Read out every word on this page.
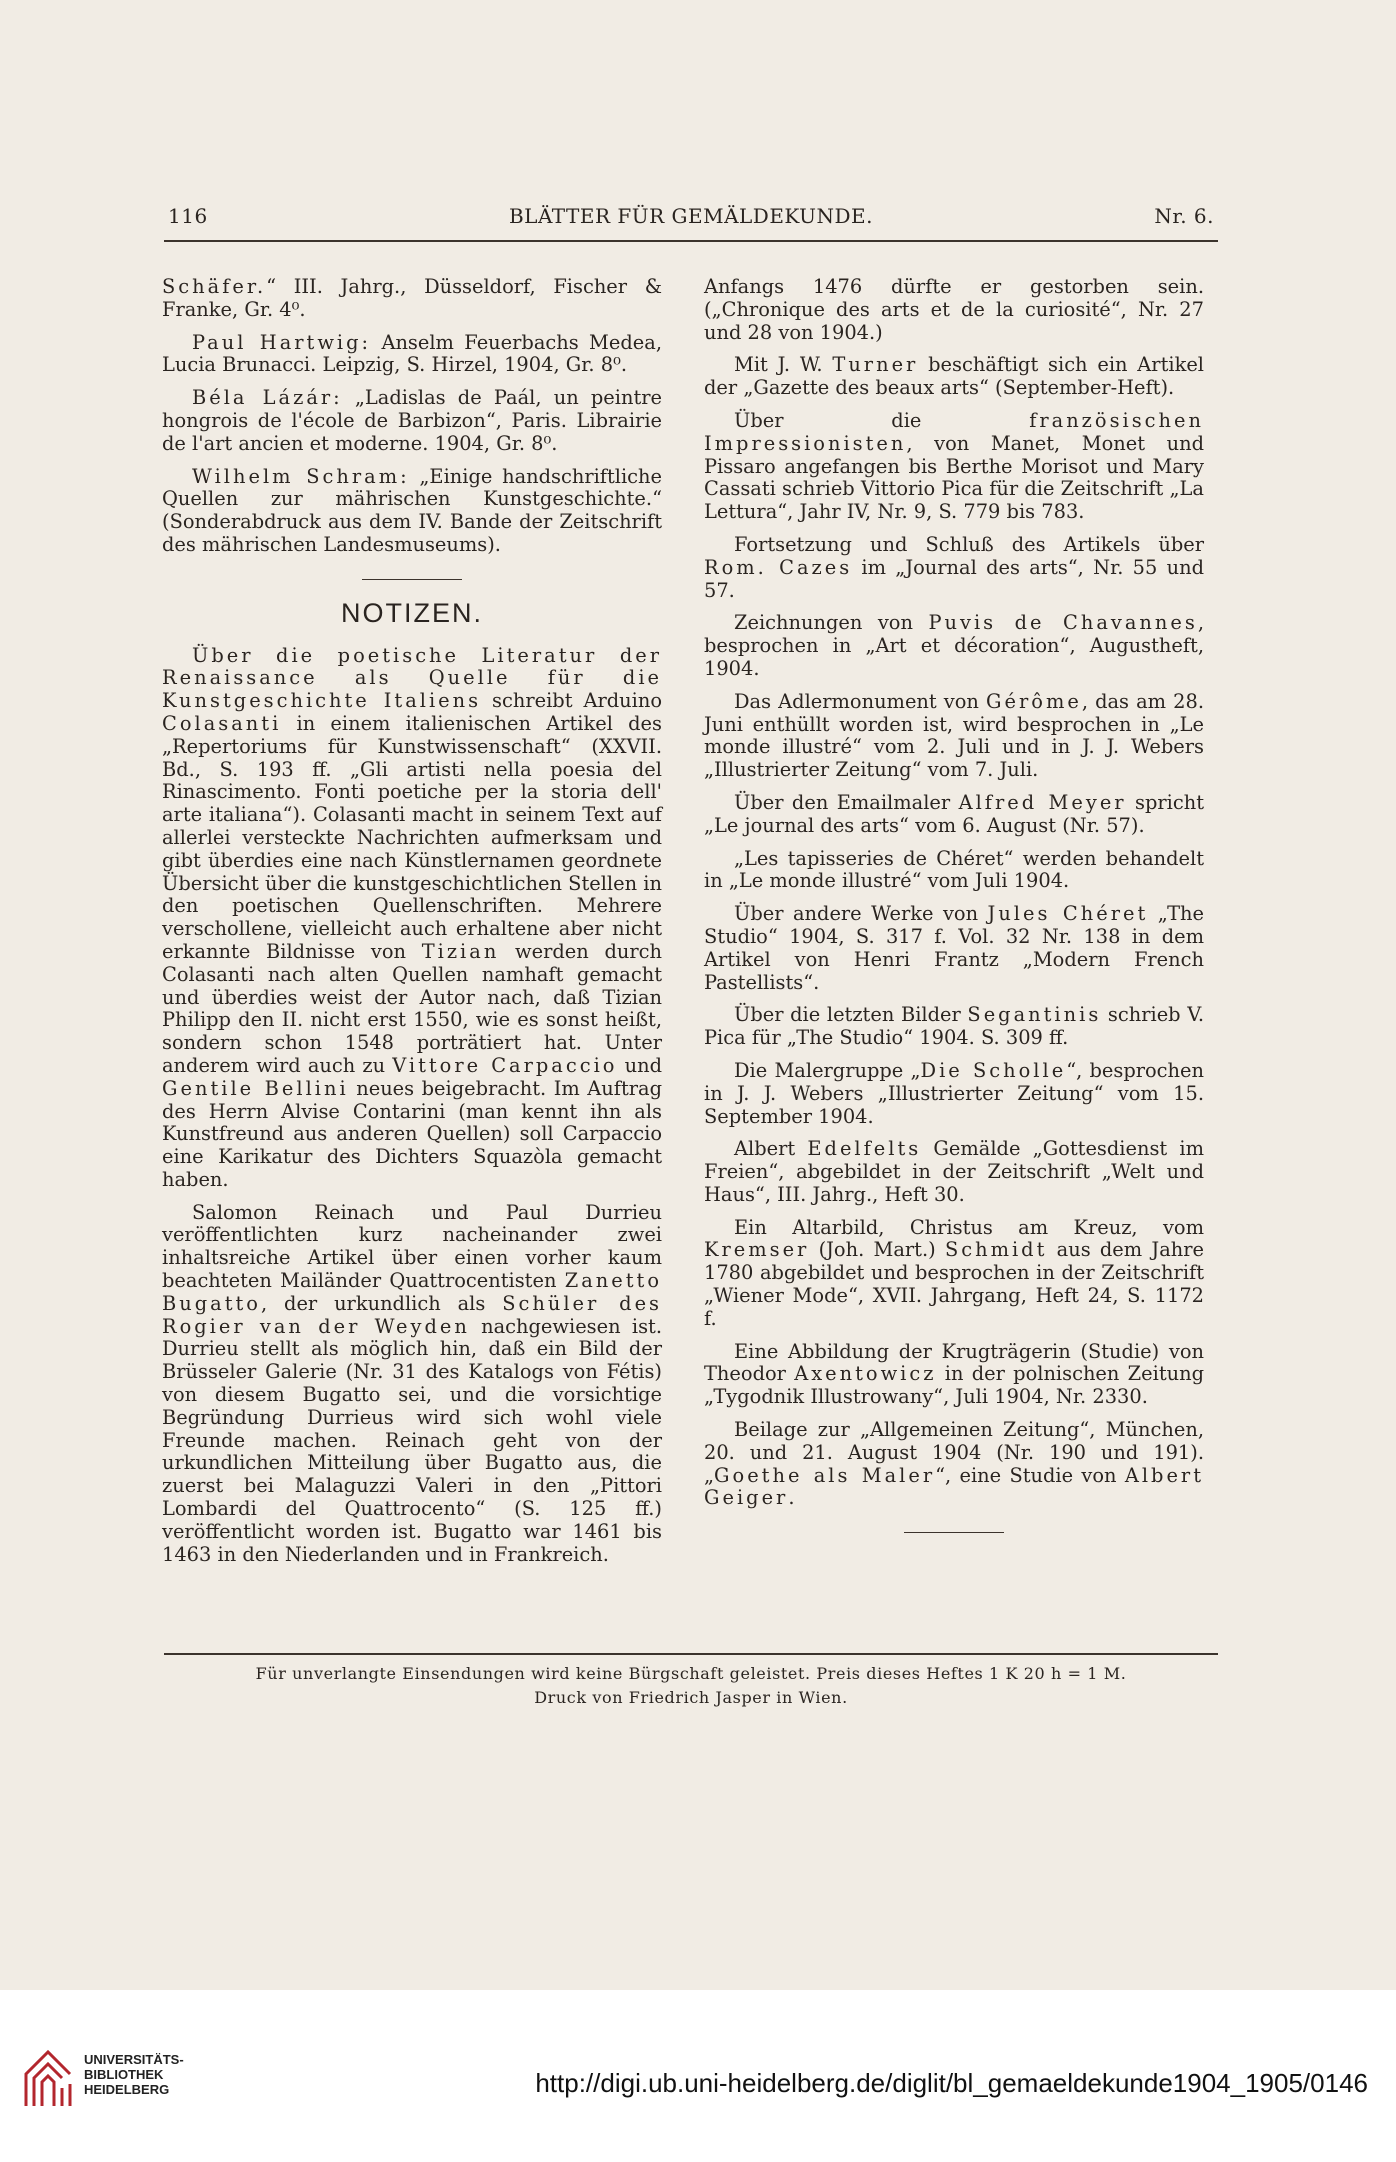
116	BLÄTTER FÜR GEMÄLDEKUNDE.	Nr. 6.

Schäfer.“ III. Jahrg., Düsseldorf, Fischer & Franke, Gr. 4⁰.

Paul Hartwig: Anselm Feuerbachs Medea, Lucia Brunacci. Leipzig, S. Hirzel, 1904, Gr. 8⁰.

Béla Lázár: „Ladislas de Paál, un peintre hongrois de l'école de Barbizon“, Paris. Librairie de l'art ancien et moderne. 1904, Gr. 8⁰.

Wilhelm Schram: „Einige handschriftliche Quellen zur mährischen Kunstgeschichte.“ (Sonderabdruck aus dem IV. Bande der Zeitschrift des mährischen Landesmuseums).

NOTIZEN.

Über die poetische Literatur der Renaissance als Quelle für die Kunstgeschichte Italiens schreibt Arduino Colasanti in einem italienischen Artikel des „Repertoriums für Kunstwissenschaft“ (XXVII. Bd., S. 193 ff. „Gli artisti nella poesia del Rinascimento. Fonti poetiche per la storia dell' arte italiana“). Colasanti macht in seinem Text auf allerlei versteckte Nachrichten aufmerksam und gibt überdies eine nach Künstlernamen geordnete Übersicht über die kunstgeschichtlichen Stellen in den poetischen Quellenschriften. Mehrere verschollene, vielleicht auch erhaltene aber nicht erkannte Bildnisse von Tizian werden durch Colasanti nach alten Quellen namhaft gemacht und überdies weist der Autor nach, daß Tizian Philipp den II. nicht erst 1550, wie es sonst heißt, sondern schon 1548 porträtiert hat. Unter anderem wird auch zu Vittore Carpaccio und Gentile Bellini neues beigebracht. Im Auftrag des Herrn Alvise Contarini (man kennt ihn als Kunstfreund aus anderen Quellen) soll Carpaccio eine Karikatur des Dichters Squazòla gemacht haben.

Salomon Reinach und Paul Durrieu veröffentlichten kurz nacheinander zwei inhaltsreiche Artikel über einen vorher kaum beachteten Mailänder Quattrocentisten Zanetto Bugatto, der urkundlich als Schüler des Rogier van der Weyden nachgewiesen ist. Durrieu stellt als möglich hin, daß ein Bild der Brüsseler Galerie (Nr. 31 des Katalogs von Fétis) von diesem Bugatto sei, und die vorsichtige Begründung Durrieus wird sich wohl viele Freunde machen. Reinach geht von der urkundlichen Mitteilung über Bugatto aus, die zuerst bei Malaguzzi Valeri in den „Pittori Lombardi del Quattrocento“ (S. 125 ff.) veröffentlicht worden ist. Bugatto war 1461 bis 1463 in den Niederlanden und in Frankreich.

Anfangs 1476 dürfte er gestorben sein. („Chronique des arts et de la curiosité“, Nr. 27 und 28 von 1904.)

Mit J. W. Turner beschäftigt sich ein Artikel der „Gazette des beaux arts“ (September-Heft).

Über die französischen Impressionisten, von Manet, Monet und Pissaro angefangen bis Berthe Morisot und Mary Cassati schrieb Vittorio Pica für die Zeitschrift „La Lettura“, Jahr IV, Nr. 9, S. 779 bis 783.

Fortsetzung und Schluß des Artikels über Rom. Cazes im „Journal des arts“, Nr. 55 und 57.

Zeichnungen von Puvis de Chavannes, besprochen in „Art et décoration“, Augustheft, 1904.

Das Adlermonument von Gérôme, das am 28. Juni enthüllt worden ist, wird besprochen in „Le monde illustré“ vom 2. Juli und in J. J. Webers „Illustrierter Zeitung“ vom 7. Juli.

Über den Emailmaler Alfred Meyer spricht „Le journal des arts“ vom 6. August (Nr. 57).

„Les tapisseries de Chéret“ werden behandelt in „Le monde illustré“ vom Juli 1904.

Über andere Werke von Jules Chéret „The Studio“ 1904, S. 317 f. Vol. 32 Nr. 138 in dem Artikel von Henri Frantz „Modern French Pastellists“.

Über die letzten Bilder Segantinis schrieb V. Pica für „The Studio“ 1904. S. 309 ff.

Die Malergruppe „Die Scholle“, besprochen in J. J. Webers „Illustrierter Zeitung“ vom 15. September 1904.

Albert Edelfelts Gemälde „Gottesdienst im Freien“, abgebildet in der Zeitschrift „Welt und Haus“, III. Jahrg., Heft 30.

Ein Altarbild, Christus am Kreuz, vom Kremser (Joh. Mart.) Schmidt aus dem Jahre 1780 abgebildet und besprochen in der Zeitschrift „Wiener Mode“, XVII. Jahrgang, Heft 24, S. 1172 f.

Eine Abbildung der Krugträgerin (Studie) von Theodor Axentowicz in der polnischen Zeitung „Tygodnik Illustrowany“, Juli 1904, Nr. 2330.

Beilage zur „Allgemeinen Zeitung“, München, 20. und 21. August 1904 (Nr. 190 und 191). „Goethe als Maler“, eine Studie von Albert Geiger.

Für unverlangte Einsendungen wird keine Bürgschaft geleistet. Preis dieses Heftes 1 K 20 h = 1 M.
Druck von Friedrich Jasper in Wien.
UNIVERSITÄTS-
BIBLIOTHEK
HEIDELBERG	http://digi.ub.uni-heidelberg.de/diglit/bl_gemaeldekunde1904_1905/0146
